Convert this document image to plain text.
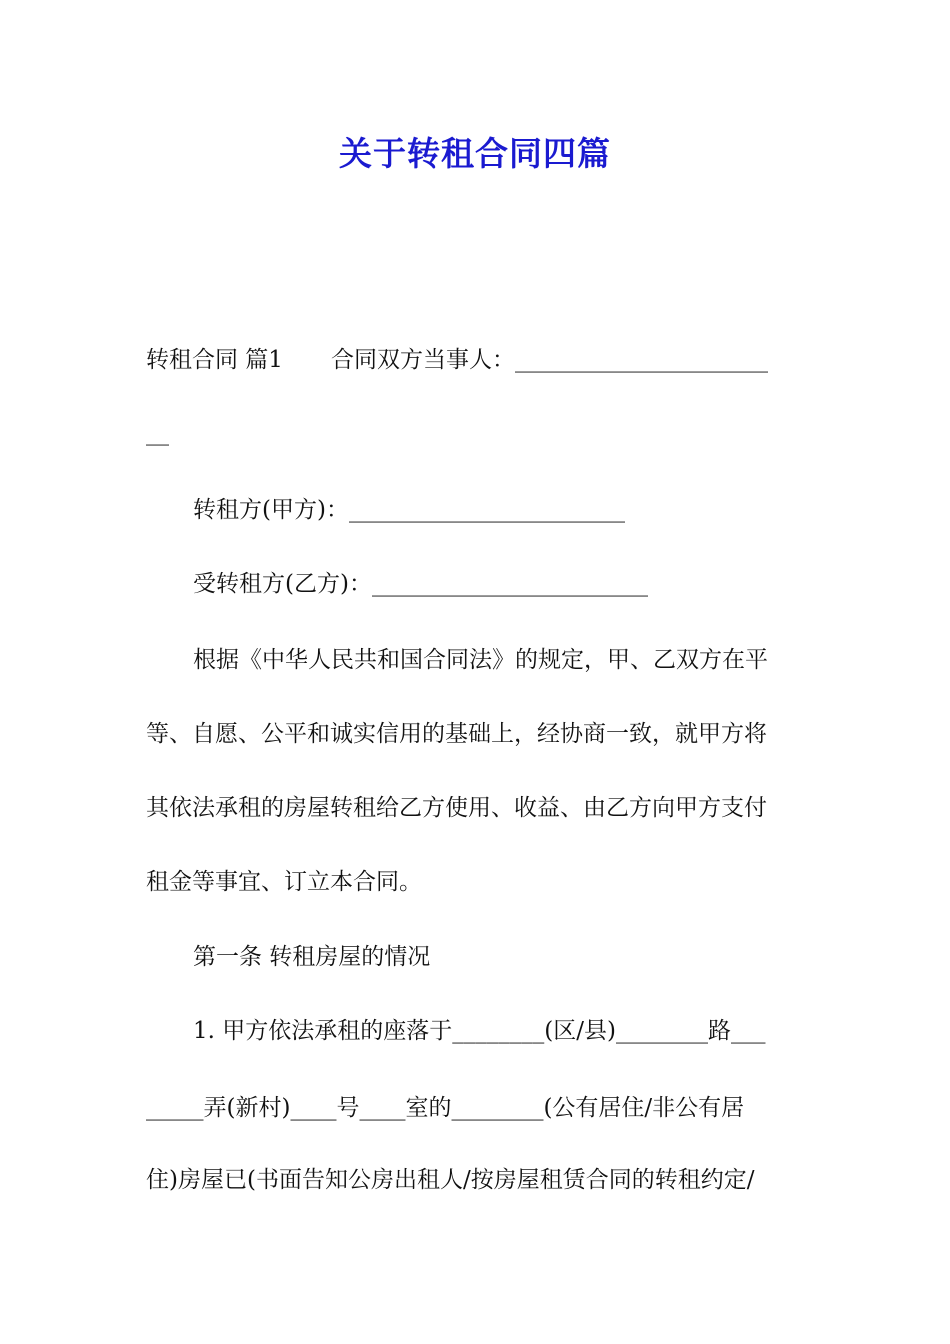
关于转租合同四篇
转租合同 篇1 合同双方当事人：______________________
__
转租方(甲方)：________________________
受转租方(乙方)：________________________
根据《中华人民共和国合同法》的规定，甲、乙双方在平
等、自愿、公平和诚实信用的基础上，经协商一致，就甲方将
其依法承租的房屋转租给乙方使用、收益、由乙方向甲方支付
租金等事宜、订立本合同。
第一条 转租房屋的情况
1. 甲方依法承租的座落于________(区/县)________路___
_____弄(新村)____号____室的________(公有居住/非公有居
住)房屋已(书面告知公房出租人/按房屋租赁合同的转租约定/
